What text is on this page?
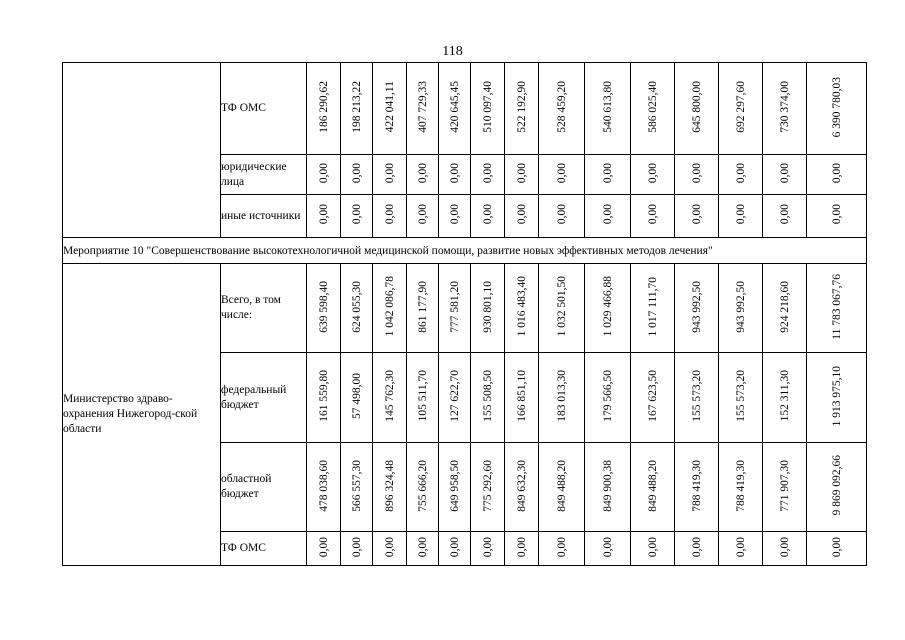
118
	ТФ ОМС	186 290,62	198 213,22	422 041,11	407 729,33	420 645,45	510 097,40	522 192,90	528 459,20	540 613,80	586 025,40	645 800,00	692 297,60	730 374,00	6 390 780,03
	юридические лица	0,00	0,00	0,00	0,00	0,00	0,00	0,00	0,00	0,00	0,00	0,00	0,00	0,00	0,00
	иные источники	0,00	0,00	0,00	0,00	0,00	0,00	0,00	0,00	0,00	0,00	0,00	0,00	0,00	0,00
Мероприятие 10 "Совершенствование высокотехнологичной медицинской помощи, развитие новых эффективных методов лечения"															
Министерство здраво-охранения Нижегород-ской области	Всего, в том числе:	639 598,40	624 055,30	1 042 086,78	861 177,90	777 581,20	930 801,10	1 016 483,40	1 032 501,50	1 029 466,88	1 017 111,70	943 992,50	943 992,50	924 218,60	11 783 067,76
	федеральный бюджет	161 559,80	57 498,00	145 762,30	105 511,70	127 622,70	155 508,50	166 851,10	183 013,30	179 566,50	167 623,50	155 573,20	155 573,20	152 311,30	1 913 975,10
	областной бюджет	478 038,60	566 557,30	896 324,48	755 666,20	649 958,50	775 292,60	849 632,30	849 488,20	849 900,38	849 488,20	788 419,30	788 419,30	771 907,30	9 869 092,66
	ТФ ОМС	0,00	0,00	0,00	0,00	0,00	0,00	0,00	0,00	0,00	0,00	0,00	0,00	0,00	0,00
